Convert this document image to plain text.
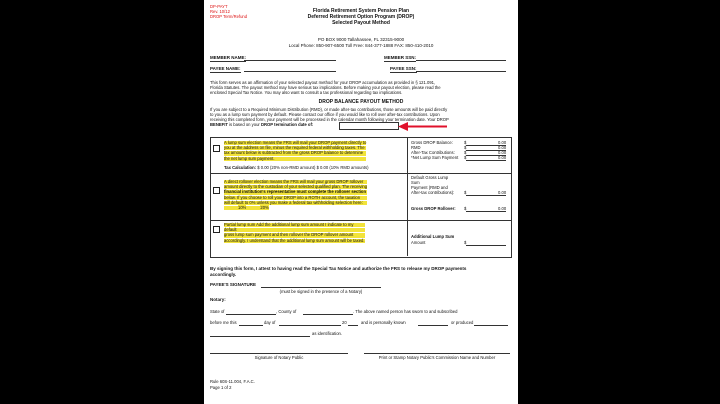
DP-PAYT
Rev. 10/12
DROP Term/Refund
Florida Retirement System Pension Plan
Deferred Retirement Option Program (DROP)
Selected Payout Method
PO BOX 9000 Tallahassee, FL 32315-9000
Local Phone: 850-907-6500 Toll Free: 844-377-1888 FAX: 850-410-2010
MEMBER NAME:	MEMBER SSN:
PAYEE NAME:	PAYEE SSN:
This form serves as an affirmation of your selected payout method for your DROP accumulation as provided in § 121.091,
Florida Statutes. The payout method may have serious tax implications. Before making your payout election, please read the
enclosed Special Tax Notice. You may also want to consult a tax professional regarding tax implications.
DROP BALANCE PAYOUT METHOD
If you are subject to a Required Minimum Distribution (RMD), or made after-tax contributions, those amounts will be paid directly
to you as a lump sum payment by default. Please contact our office if you would like to roll over after-tax contributions. Upon
receiving this completed form, your payment will be processed in the calendar month following your termination date. Your DROP
BENEFIT is based on your DROP termination date of:
A lump sum election means the FRS will mail your DROP payment directly to
you at the address on file, minus the required federal withholding taxes. The
tax amount below is subtracted from the gross DROP balance to determine
the net lump sum payment.
Tax Calculation: $ 0.00 (20% non-RMD amount) $ 0.00 (10% RMD amounts)
Gross DROP Balance:	$	0.00
RMD	$	0.00
After-Tax Contributions: $	0.00
*Net Lump Sum Payment $	0.00
A direct rollover election means the FRS will mail your gross DROP rollover
amount directly to the custodian of your selected qualified plan. The receiving
financial institution's representative must complete the rollover section
below. If you choose to roll your DROP into a ROTH account, the taxation
will default to 0% unless you make a federal tax withholding selection here:
10%	20%
Default Gross Lump
Sum
Payment (RMD and
After-tax contributions): $	0.00
Gross DROP Rollover: $	0.00
Partial lump sum Add the additional lump sum amount I indicate to my
default
gross lump sum payment and then rollover the DROP rollover amount
accordingly. I understand that the additional lump sum amount will be taxed.
Additional Lump Sum
Amount	$
By signing this form, I attest to having read the Special Tax Notice and authorize the FRS to release my DROP payments
accordingly.
PAYEE'S SIGNATURE
(must be signed in the presence of a Notary)
Notary:
State of	, County of	. The above named person has sworn to and subscribed
before me this	day of	20	and is personally known	or produced
as identification.
Signature of Notary Public	Print or Stamp Notary Public's Commission Name and Number
Rule 60S-11.004, F.A.C.
Page 1 of 2
